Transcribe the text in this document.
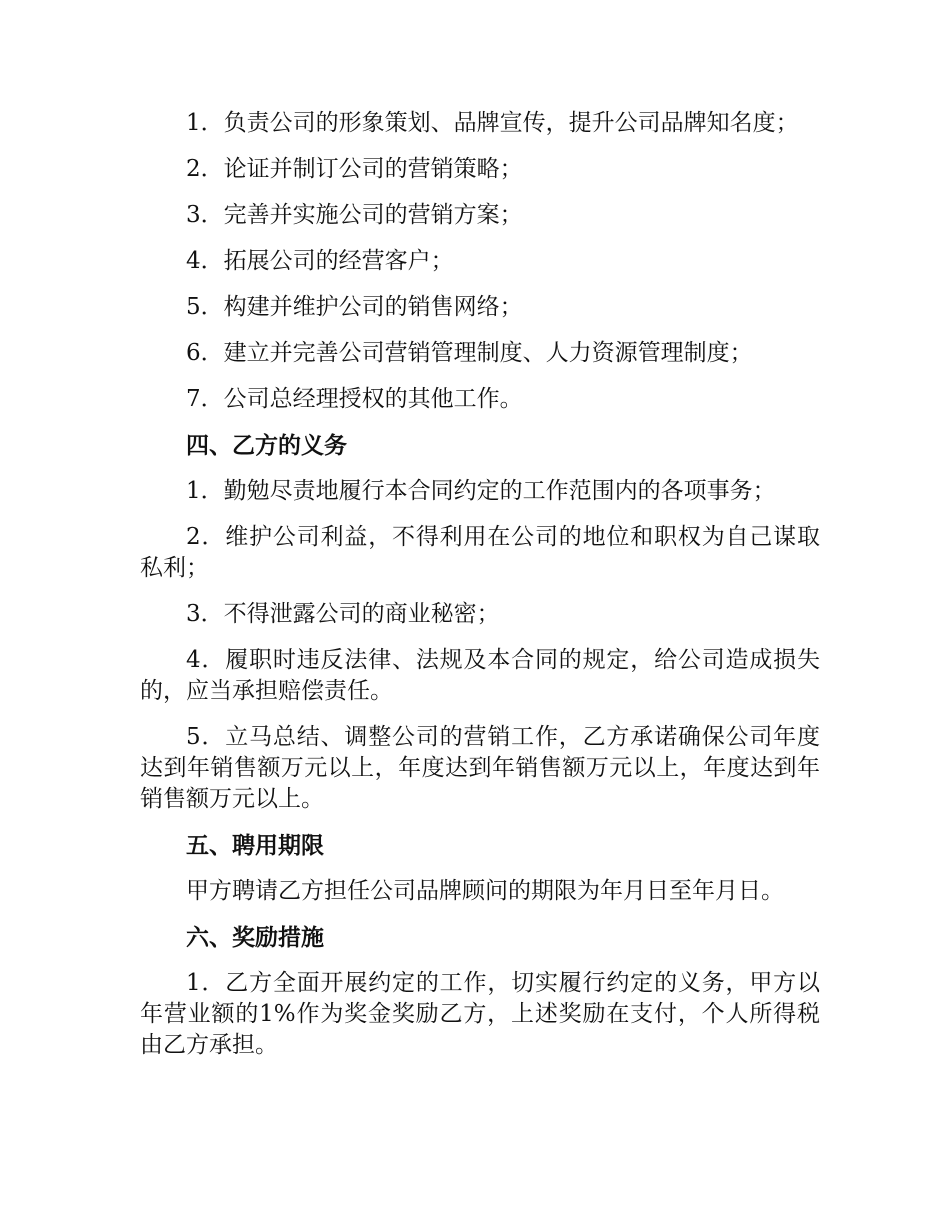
1．负责公司的形象策划、品牌宣传，提升公司品牌知名度；

2．论证并制订公司的营销策略；

3．完善并实施公司的营销方案；

4．拓展公司的经营客户；

5．构建并维护公司的销售网络；

6．建立并完善公司营销管理制度、人力资源管理制度；

7．公司总经理授权的其他工作。

四、乙方的义务

1．勤勉尽责地履行本合同约定的工作范围内的各项事务；

2．维护公司利益，不得利用在公司的地位和职权为自己谋取私利；

3．不得泄露公司的商业秘密；

4．履职时违反法律、法规及本合同的规定，给公司造成损失的，应当承担赔偿责任。

5．立马总结、调整公司的营销工作，乙方承诺确保公司年度达到年销售额万元以上，年度达到年销售额万元以上，年度达到年销售额万元以上。

五、聘用期限

甲方聘请乙方担任公司品牌顾问的期限为年月日至年月日。

六、奖励措施

1．乙方全面开展约定的工作，切实履行约定的义务，甲方以年营业额的1%作为奖金奖励乙方，上述奖励在支付，个人所得税由乙方承担。
